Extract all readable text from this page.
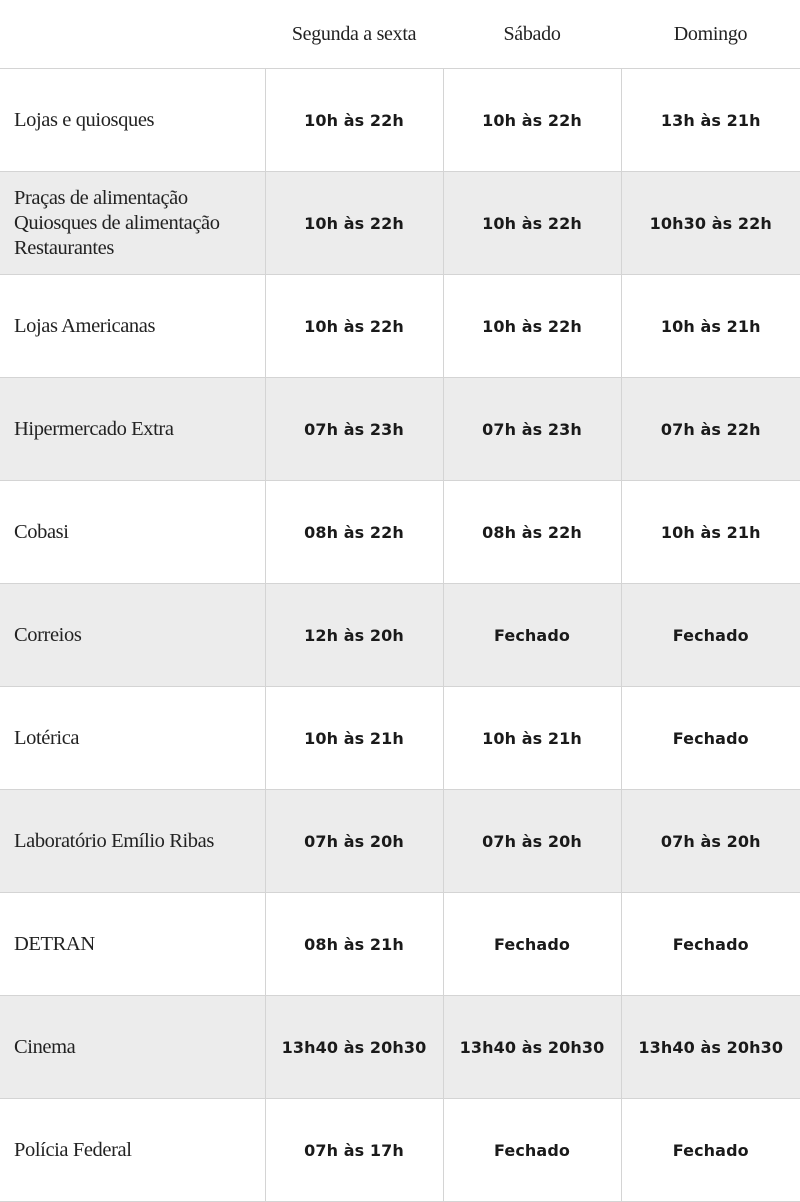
	Segunda a sexta	Sábado	Domingo
Lojas e quiosques	10h às 22h	10h às 22h	13h às 21h
Praças de alimentação
Quiosques de alimentação
Restaurantes	10h às 22h	10h às 22h	10h30 às 22h
Lojas Americanas	10h às 22h	10h às 22h	10h às 21h
Hipermercado Extra	07h às 23h	07h às 23h	07h às 22h
Cobasi	08h às 22h	08h às 22h	10h às 21h
Correios	12h às 20h	Fechado	Fechado
Lotérica	10h às 21h	10h às 21h	Fechado
Laboratório Emílio Ribas	07h às 20h	07h às 20h	07h às 20h
DETRAN	08h às 21h	Fechado	Fechado
Cinema	13h40 às 20h30	13h40 às 20h30	13h40 às 20h30
Polícia Federal	07h às 17h	Fechado	Fechado
